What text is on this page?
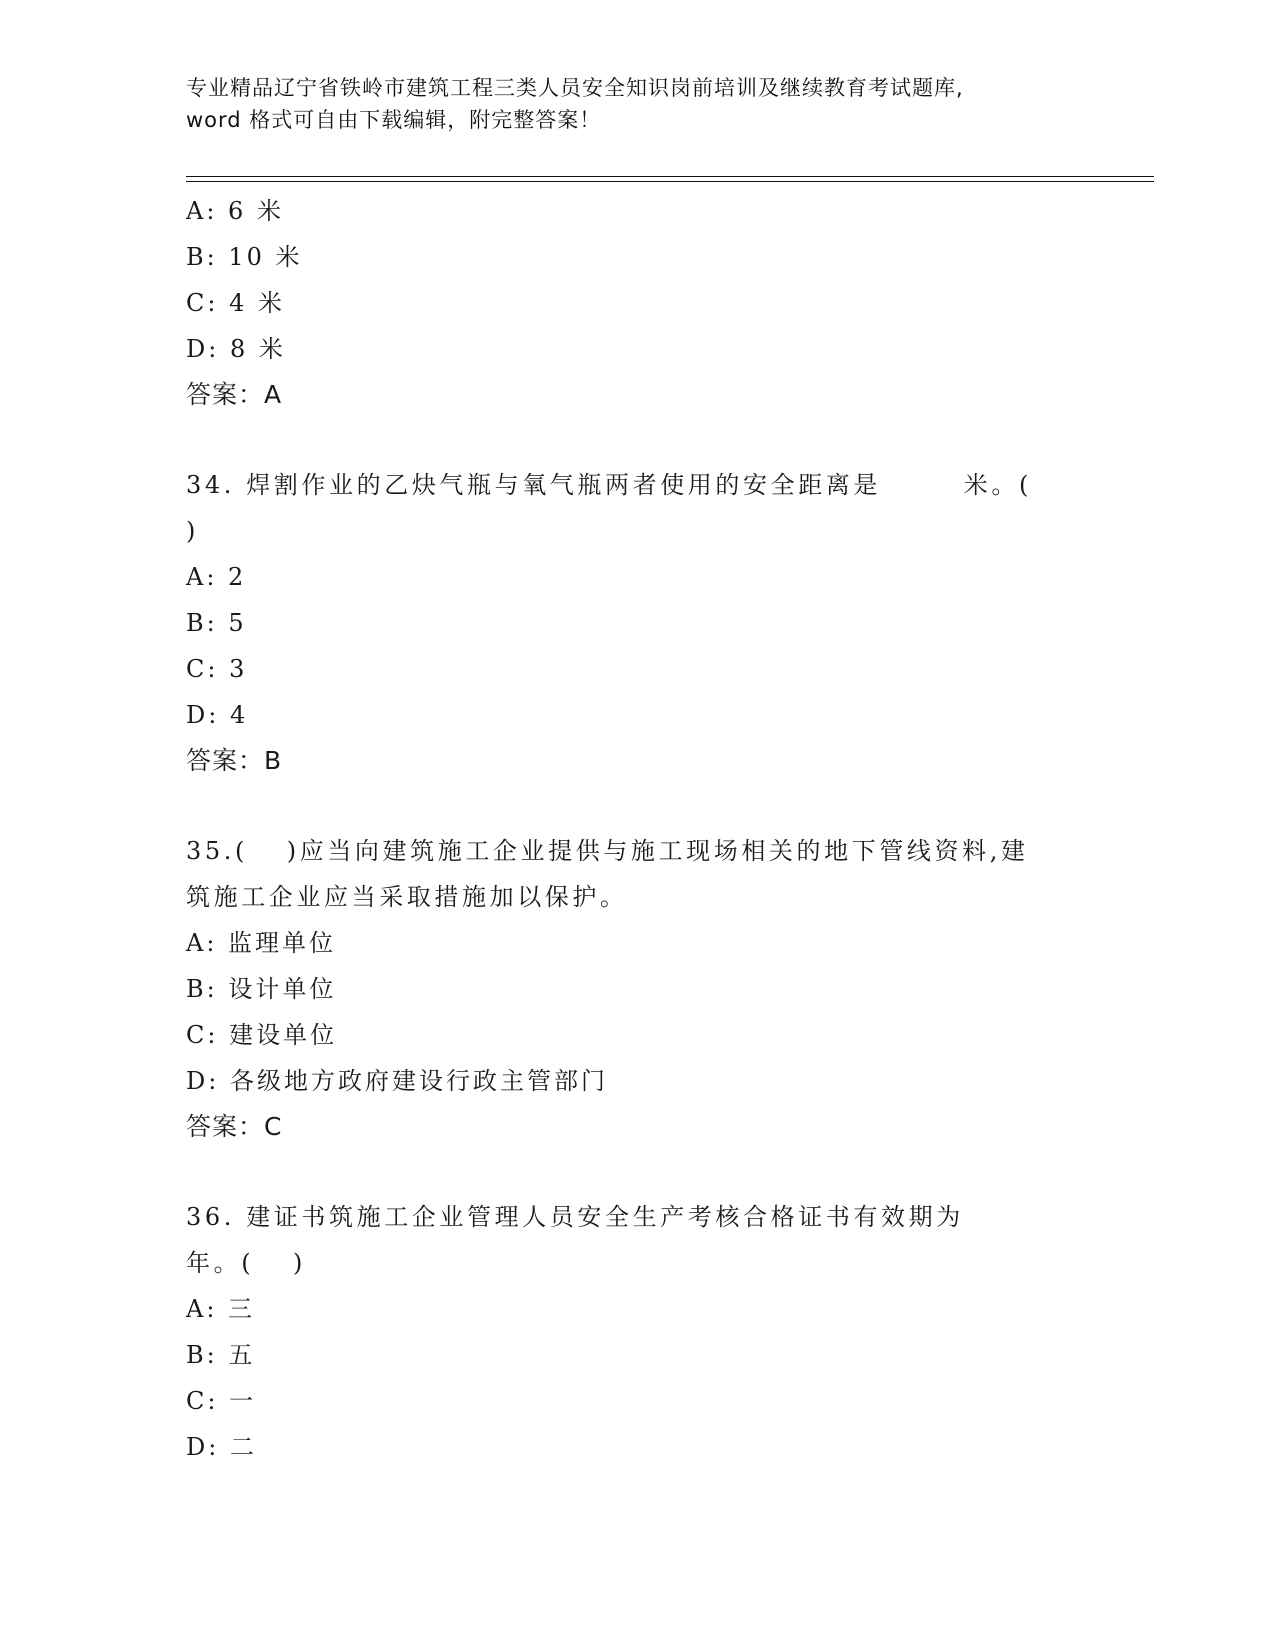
专业精品辽宁省铁岭市建筑工程三类人员安全知识岗前培训及继续教育考试题库,
word 格式可自由下载编辑，附完整答案！
A: 6 米
B: 10 米
C: 4 米
D: 8 米
答案：A
34. 焊割作业的乙炔气瓶与氧气瓶两者使用的安全距离是　　　米。(
)
A: 2
B: 5
C: 3
D: 4
答案：B
35.(　 )应当向建筑施工企业提供与施工现场相关的地下管线资料,建
筑施工企业应当采取措施加以保护。
A: 监理单位
B: 设计单位
C: 建设单位
D: 各级地方政府建设行政主管部门
答案：C
36. 建证书筑施工企业管理人员安全生产考核合格证书有效期为
年。(　 )
A: 三
B: 五
C: 一
D: 二
